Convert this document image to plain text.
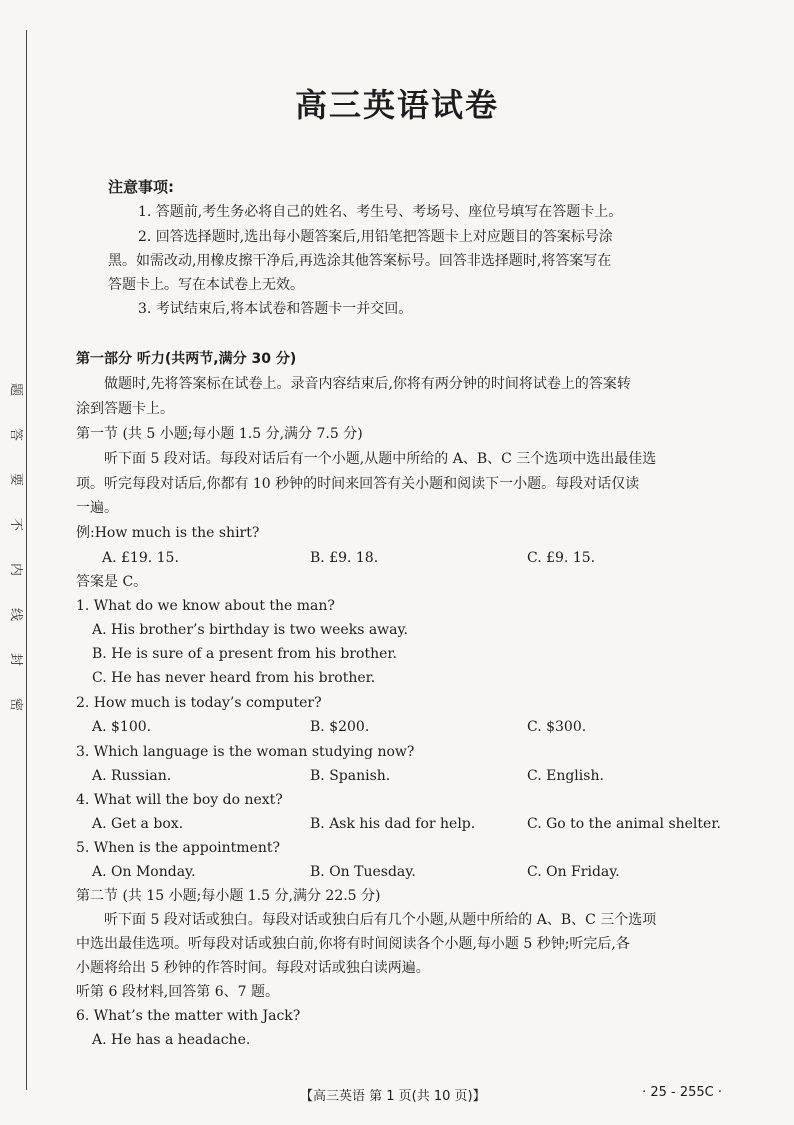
题
答
要
不
内
线
封
密
高三英语试卷
注意事项:
1. 答题前,考生务必将自己的姓名、考生号、考场号、座位号填写在答题卡上。
2. 回答选择题时,选出每小题答案后,用铅笔把答题卡上对应题目的答案标号涂
黑。如需改动,用橡皮擦干净后,再选涂其他答案标号。回答非选择题时,将答案写在
答题卡上。写在本试卷上无效。
3. 考试结束后,将本试卷和答题卡一并交回。
第一部分 听力(共两节,满分 30 分)
做题时,先将答案标在试卷上。录音内容结束后,你将有两分钟的时间将试卷上的答案转
涂到答题卡上。
第一节 (共 5 小题;每小题 1.5 分,满分 7.5 分)
听下面 5 段对话。每段对话后有一个小题,从题中所给的 A、B、C 三个选项中选出最佳选
项。听完每段对话后,你都有 10 秒钟的时间来回答有关小题和阅读下一小题。每段对话仅读
一遍。
例:How much is the shirt?
A. £19. 15.	B. £9. 18.	C. £9. 15.
答案是 C。
1. What do we know about the man?
A. His brother’s birthday is two weeks away.
B. He is sure of a present from his brother.
C. He has never heard from his brother.
2. How much is today’s computer?
A. $100.	B. $200.	C. $300.
3. Which language is the woman studying now?
A. Russian.	B. Spanish.	C. English.
4. What will the boy do next?
A. Get a box.	B. Ask his dad for help.	C. Go to the animal shelter.
5. When is the appointment?
A. On Monday.	B. On Tuesday.	C. On Friday.
第二节 (共 15 小题;每小题 1.5 分,满分 22.5 分)
听下面 5 段对话或独白。每段对话或独白后有几个小题,从题中所给的 A、B、C 三个选项
中选出最佳选项。听每段对话或独白前,你将有时间阅读各个小题,每小题 5 秒钟;听完后,各
小题将给出 5 秒钟的作答时间。每段对话或独白读两遍。
听第 6 段材料,回答第 6、7 题。
6. What’s the matter with Jack?
A. He has a headache.
【高三英语 第 1 页(共 10 页)】	· 25 - 255C ·
